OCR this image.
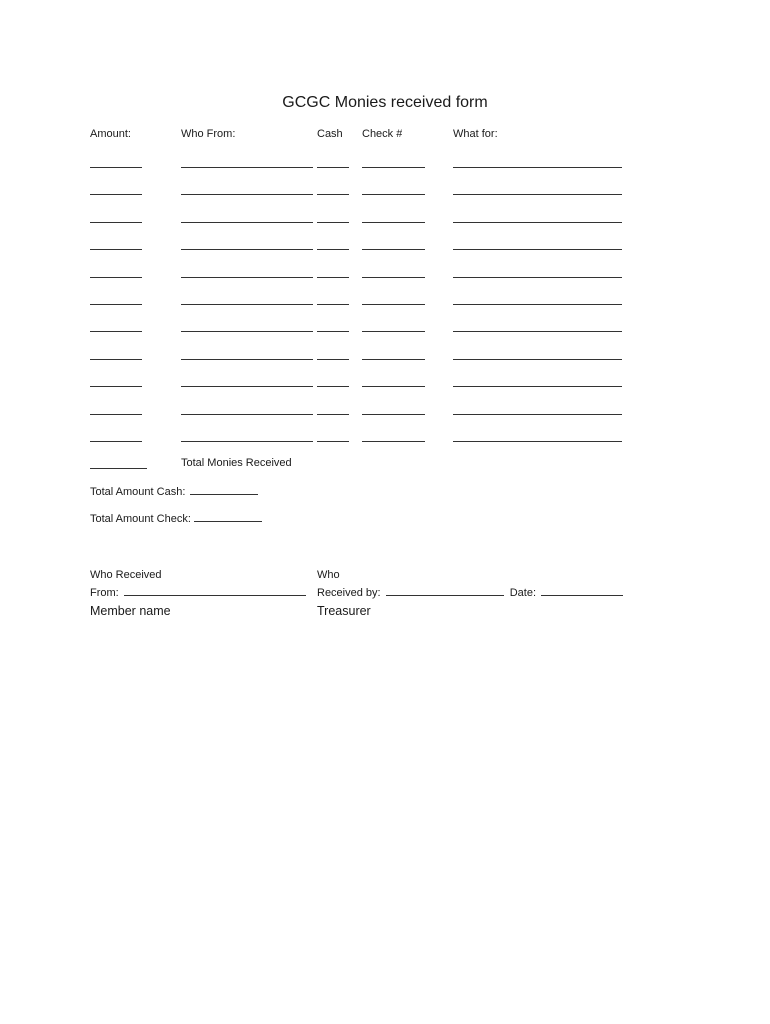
GCGC Monies received form
Amount:	Who From:	Cash Check #	What for:
Total Monies Received
Total Amount Cash:
Total Amount Check:
Who Received
From:
Member name
Who
Received by:	Date:
Treasurer
